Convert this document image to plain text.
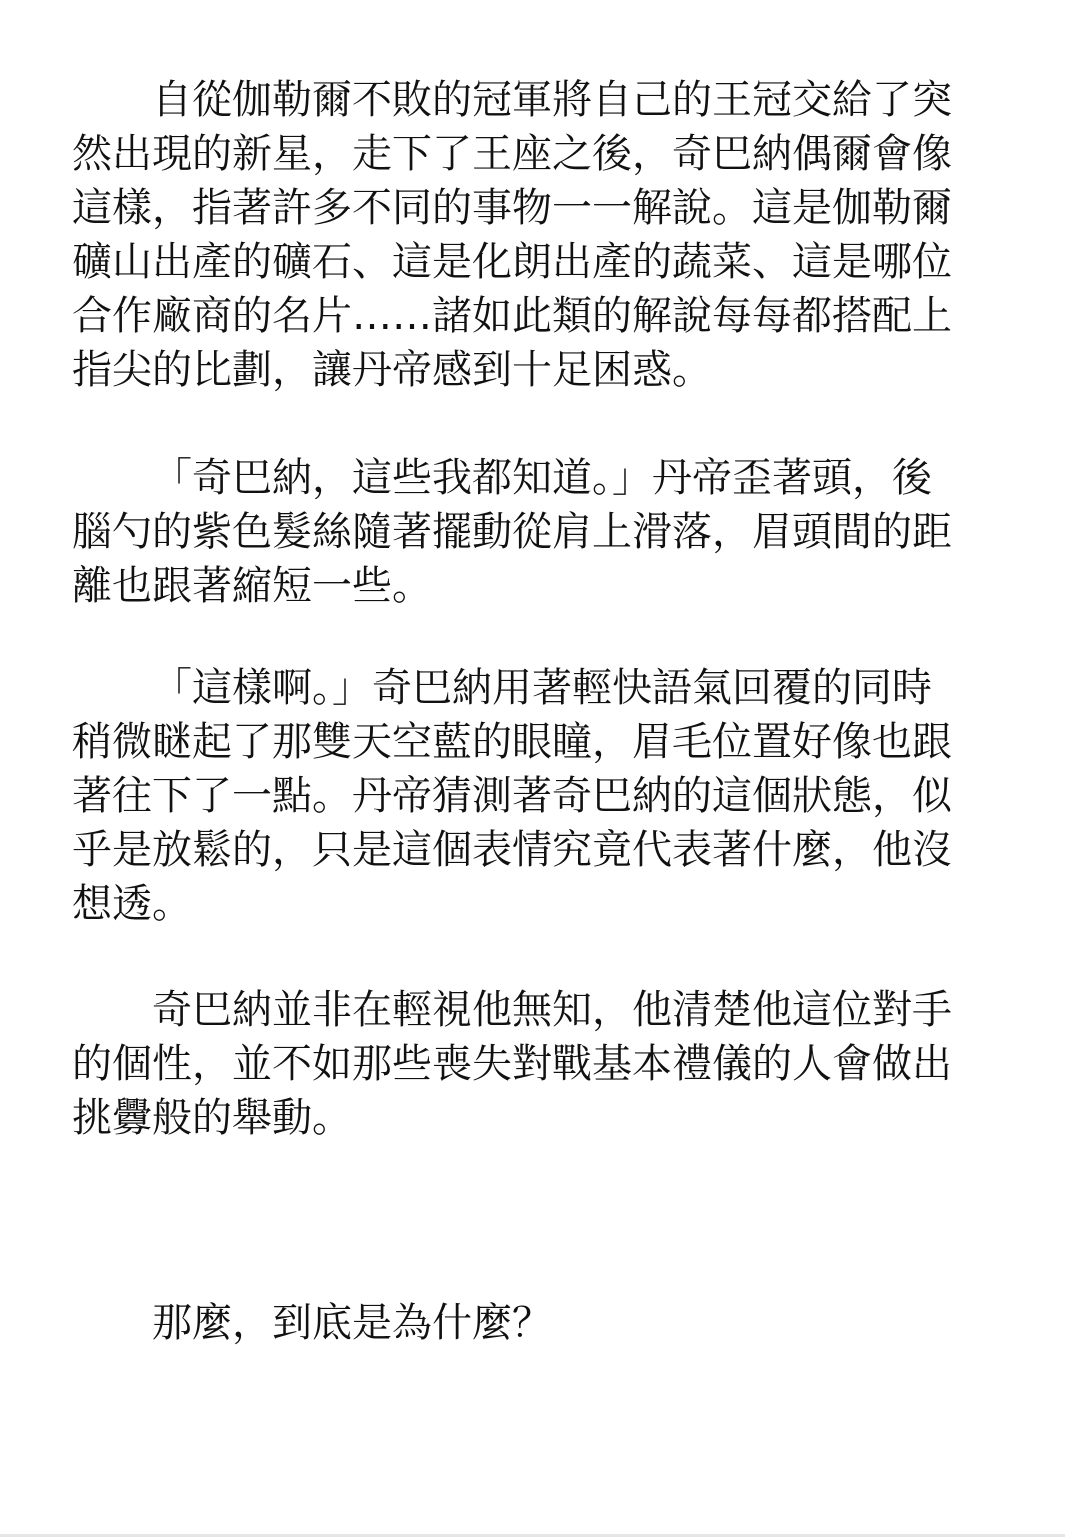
自從伽勒爾不敗的冠軍將自己的王冠交給了突
然出現的新星，走下了王座之後，奇巴納偶爾會像
這樣，指著許多不同的事物一一解說。這是伽勒爾
礦山出產的礦石、這是化朗出產的蔬菜、這是哪位
合作廠商的名片……諸如此類的解說每每都搭配上
指尖的比劃，讓丹帝感到十足困惑。
「奇巴納，這些我都知道。」丹帝歪著頭，後
腦勺的紫色髮絲隨著擺動從肩上滑落，眉頭間的距
離也跟著縮短一些。
「這樣啊。」奇巴納用著輕快語氣回覆的同時
稍微瞇起了那雙天空藍的眼瞳，眉毛位置好像也跟
著往下了一點。丹帝猜測著奇巴納的這個狀態，似
乎是放鬆的，只是這個表情究竟代表著什麼，他沒
想透。
奇巴納並非在輕視他無知，他清楚他這位對手
的個性，並不如那些喪失對戰基本禮儀的人會做出
挑釁般的舉動。
那麼，到底是為什麼？
